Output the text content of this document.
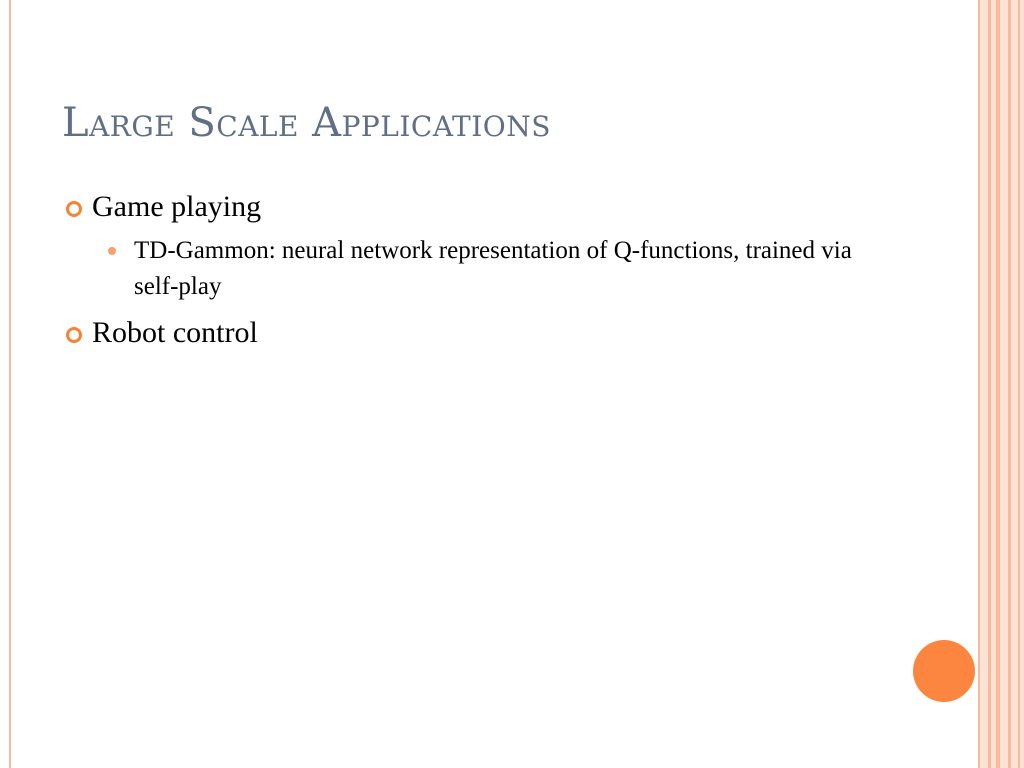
Large Scale Applications
Game playing
TD-Gammon: neural network representation of Q-functions, trained via self-play
Robot control
